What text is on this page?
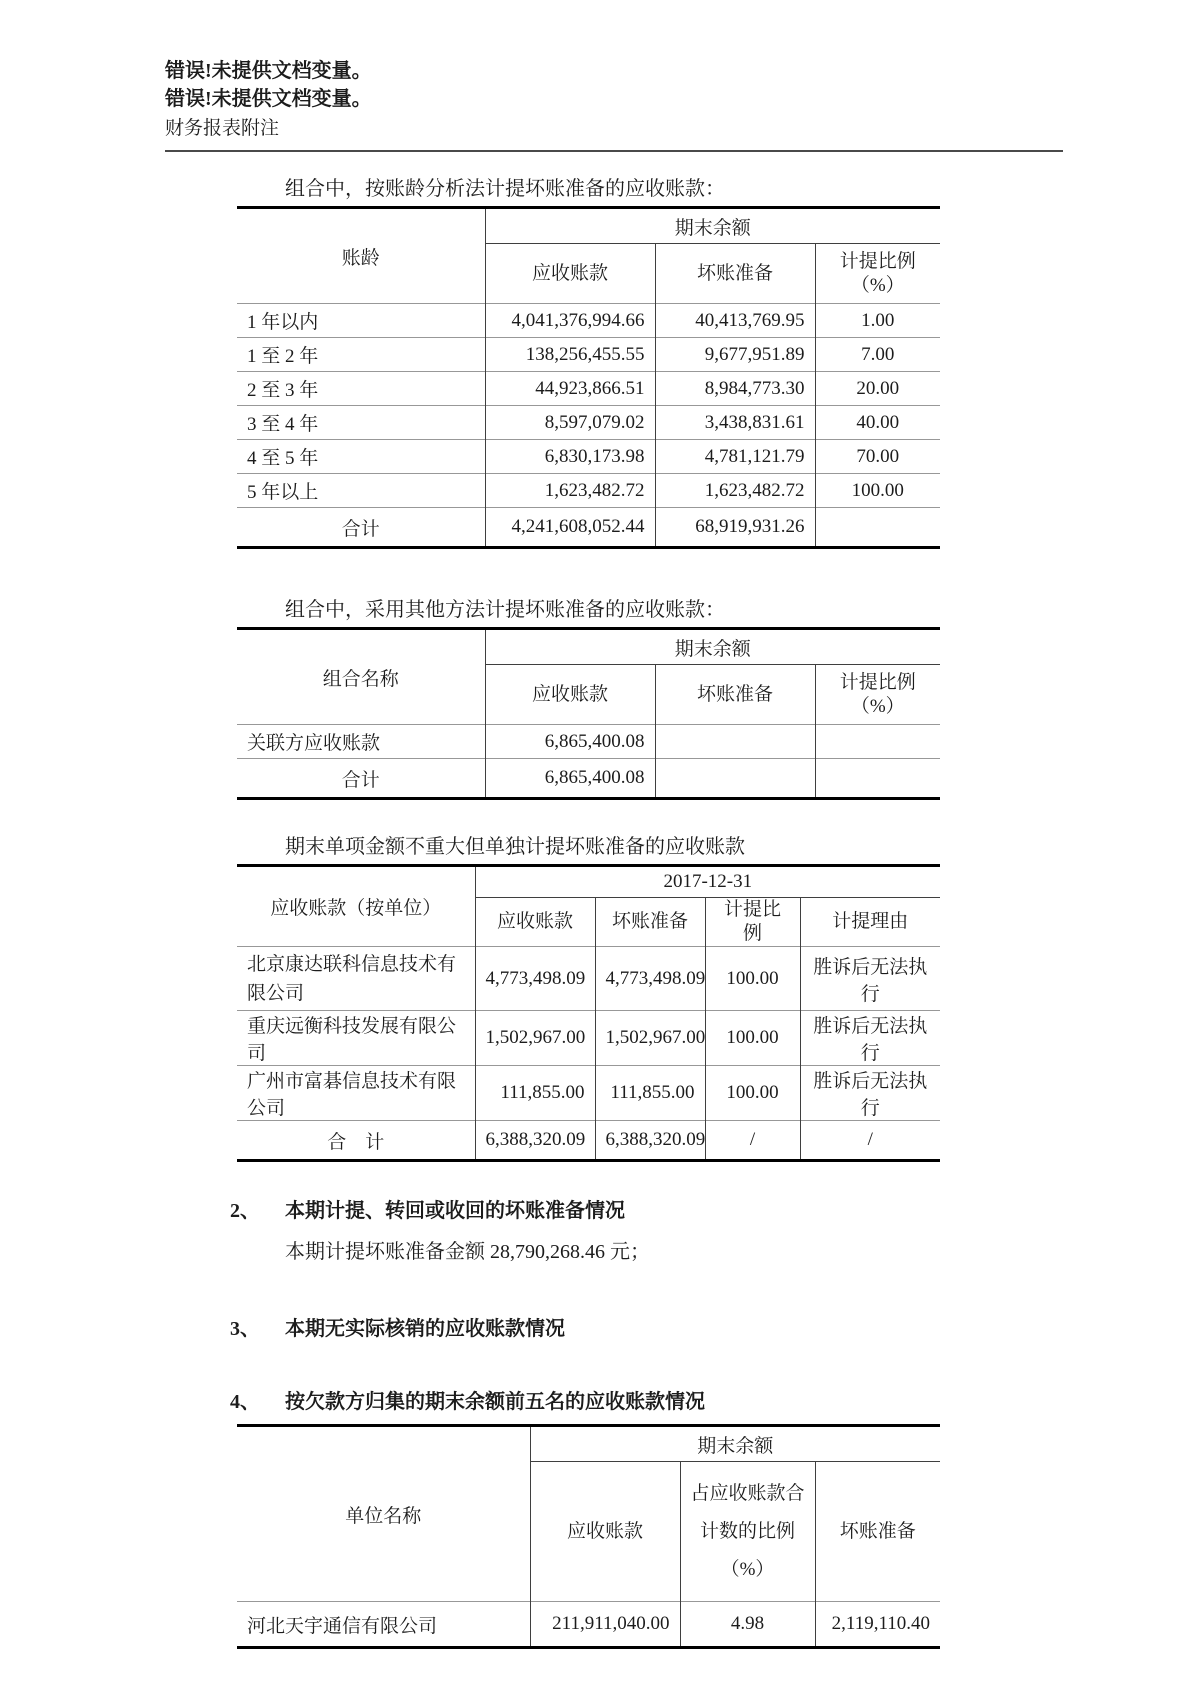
错误!未提供文档变量。
错误!未提供文档变量。
财务报表附注

组合中，按账龄分析法计提坏账准备的应收账款：

账龄	期末余额		
	应收账款	坏账准备	计提比例
（%）

1 年以内	4,041,376,994.66	40,413,769.95	1.00
1 至 2 年	138,256,455.55	9,677,951.89	7.00
2 至 3 年	44,923,866.51	8,984,773.30	20.00
3 至 4 年	8,597,079.02	3,438,831.61	40.00
4 至 5 年	6,830,173.98	4,781,121.79	70.00
5 年以上	1,623,482.72	1,623,482.72	100.00
合计	4,241,608,052.44	68,919,931.26	

组合中，采用其他方法计提坏账准备的应收账款：

组合名称	期末余额		
	应收账款	坏账准备	计提比例
（%）

关联方应收账款	6,865,400.08		
合计	6,865,400.08		

期末单项金额不重大但单独计提坏账准备的应收账款

应收账款（按单位）	2017-12-31			
	应收账款	坏账准备	计提比例	计提理由
北京康达联科信息技术有限公司	4,773,498.09	4,773,498.09	100.00	胜诉后无法执行
重庆远衡科技发展有限公司	1,502,967.00	1,502,967.00	100.00	胜诉后无法执行
广州市富碁信息技术有限公司	111,855.00	111,855.00	100.00	胜诉后无法执行
合　计	6,388,320.09	6,388,320.09	/	/
2、	本期计提、转回或收回的坏账准备情况

本期计提坏账准备金额 28,790,268.46 元；

3、	本期无实际核销的应收账款情况
4、	按欠款方归集的期末余额前五名的应收账款情况
单位名称	期末余额		
	应收账款	占应收账款合
计数的比例
（%）	坏账准备
河北天宇通信有限公司	211,911,040.00	4.98	2,119,110.40
